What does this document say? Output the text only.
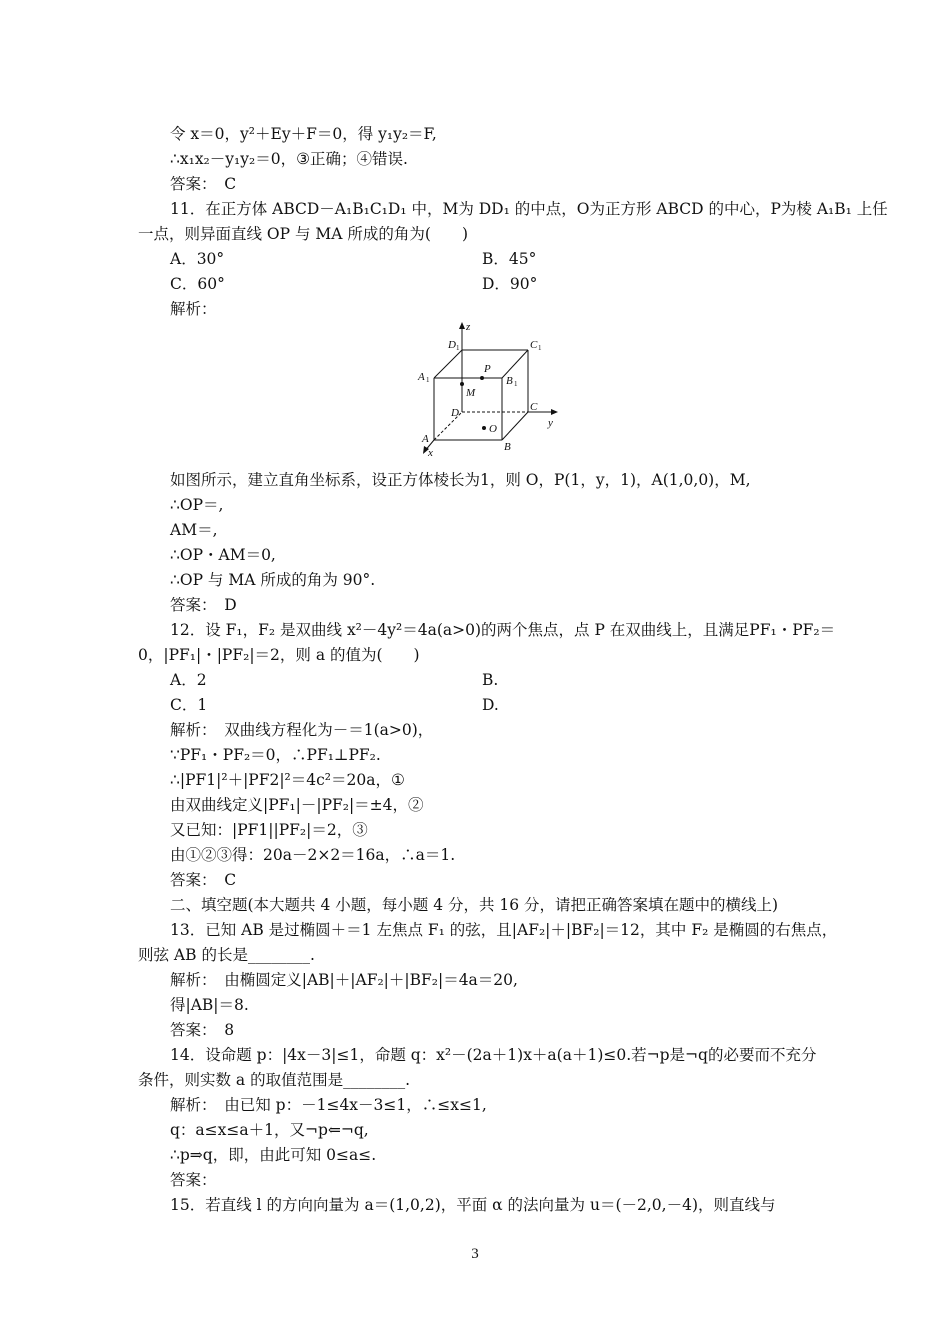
令 x＝0，y²＋Ey＋F＝0，得 y₁y₂＝F,
∴x₁x₂－y₁y₂＝0，③正确；④错误.
答案：　C
11．在正方体 ABCD－A₁B₁C₁D₁ 中，M为 DD₁ 的中点，O为正方形 ABCD 的中心，P为棱 A₁B₁ 上任
一点，则异面直线 OP 与 MA 所成的角为(　　)
A．30°	B．45°
C．60°	D．90°
解析：
z
D 1	C 1
A 1
P
B 1
M
D	C
y
A
O
B
x
如图所示，建立直角坐标系，设正方体棱长为1，则 O，P(1，y，1)，A(1,0,0)，M,
∴OP＝,
AM＝,
∴OP・AM＝0,
∴OP 与 MA 所成的角为 90°.
答案：　D
12．设 F₁，F₂ 是双曲线 x²－4y²＝4a(a>0)的两个焦点，点 P 在双曲线上，且满足PF₁・PF₂＝
0，|PF₁|・|PF₂|＝2，则 a 的值为(　　)
A．2	B.
C．1	D.
解析：　双曲线方程化为－＝1(a>0)，
∵PF₁・PF₂＝0，∴PF₁⊥PF₂.
∴|PF1|²＋|PF2|²＝4c²＝20a，①
由双曲线定义|PF₁|－|PF₂|＝±4，②
又已知：|PF1||PF₂|＝2，③
由①②③得：20a－2×2＝16a，∴a＝1.
答案：　C
二、填空题(本大题共 4 小题，每小题 4 分，共 16 分，请把正确答案填在题中的横线上)
13．已知 AB 是过椭圆＋＝1 左焦点 F₁ 的弦，且|AF₂|＋|BF₂|＝12，其中 F₂ 是椭圆的右焦点，
则弦 AB 的长是________.
解析：　由椭圆定义|AB|＋|AF₂|＋|BF₂|＝4a＝20,
得|AB|＝8.
答案：　8
14．设命题 p：|4x－3|≤1，命题 q：x²－(2a＋1)x＋a(a＋1)≤0.若¬p是¬q的必要而不充分
条件，则实数 a 的取值范围是________.
解析：　由已知 p：－1≤4x－3≤1，∴≤x≤1,
q：a≤x≤a＋1，又¬p⇐¬q,
∴p⇒q，即，由此可知 0≤a≤.
答案：
15．若直线 l 的方向向量为 a＝(1,0,2)，平面 α 的法向量为 u＝(－2,0,－4)，则直线与
3
